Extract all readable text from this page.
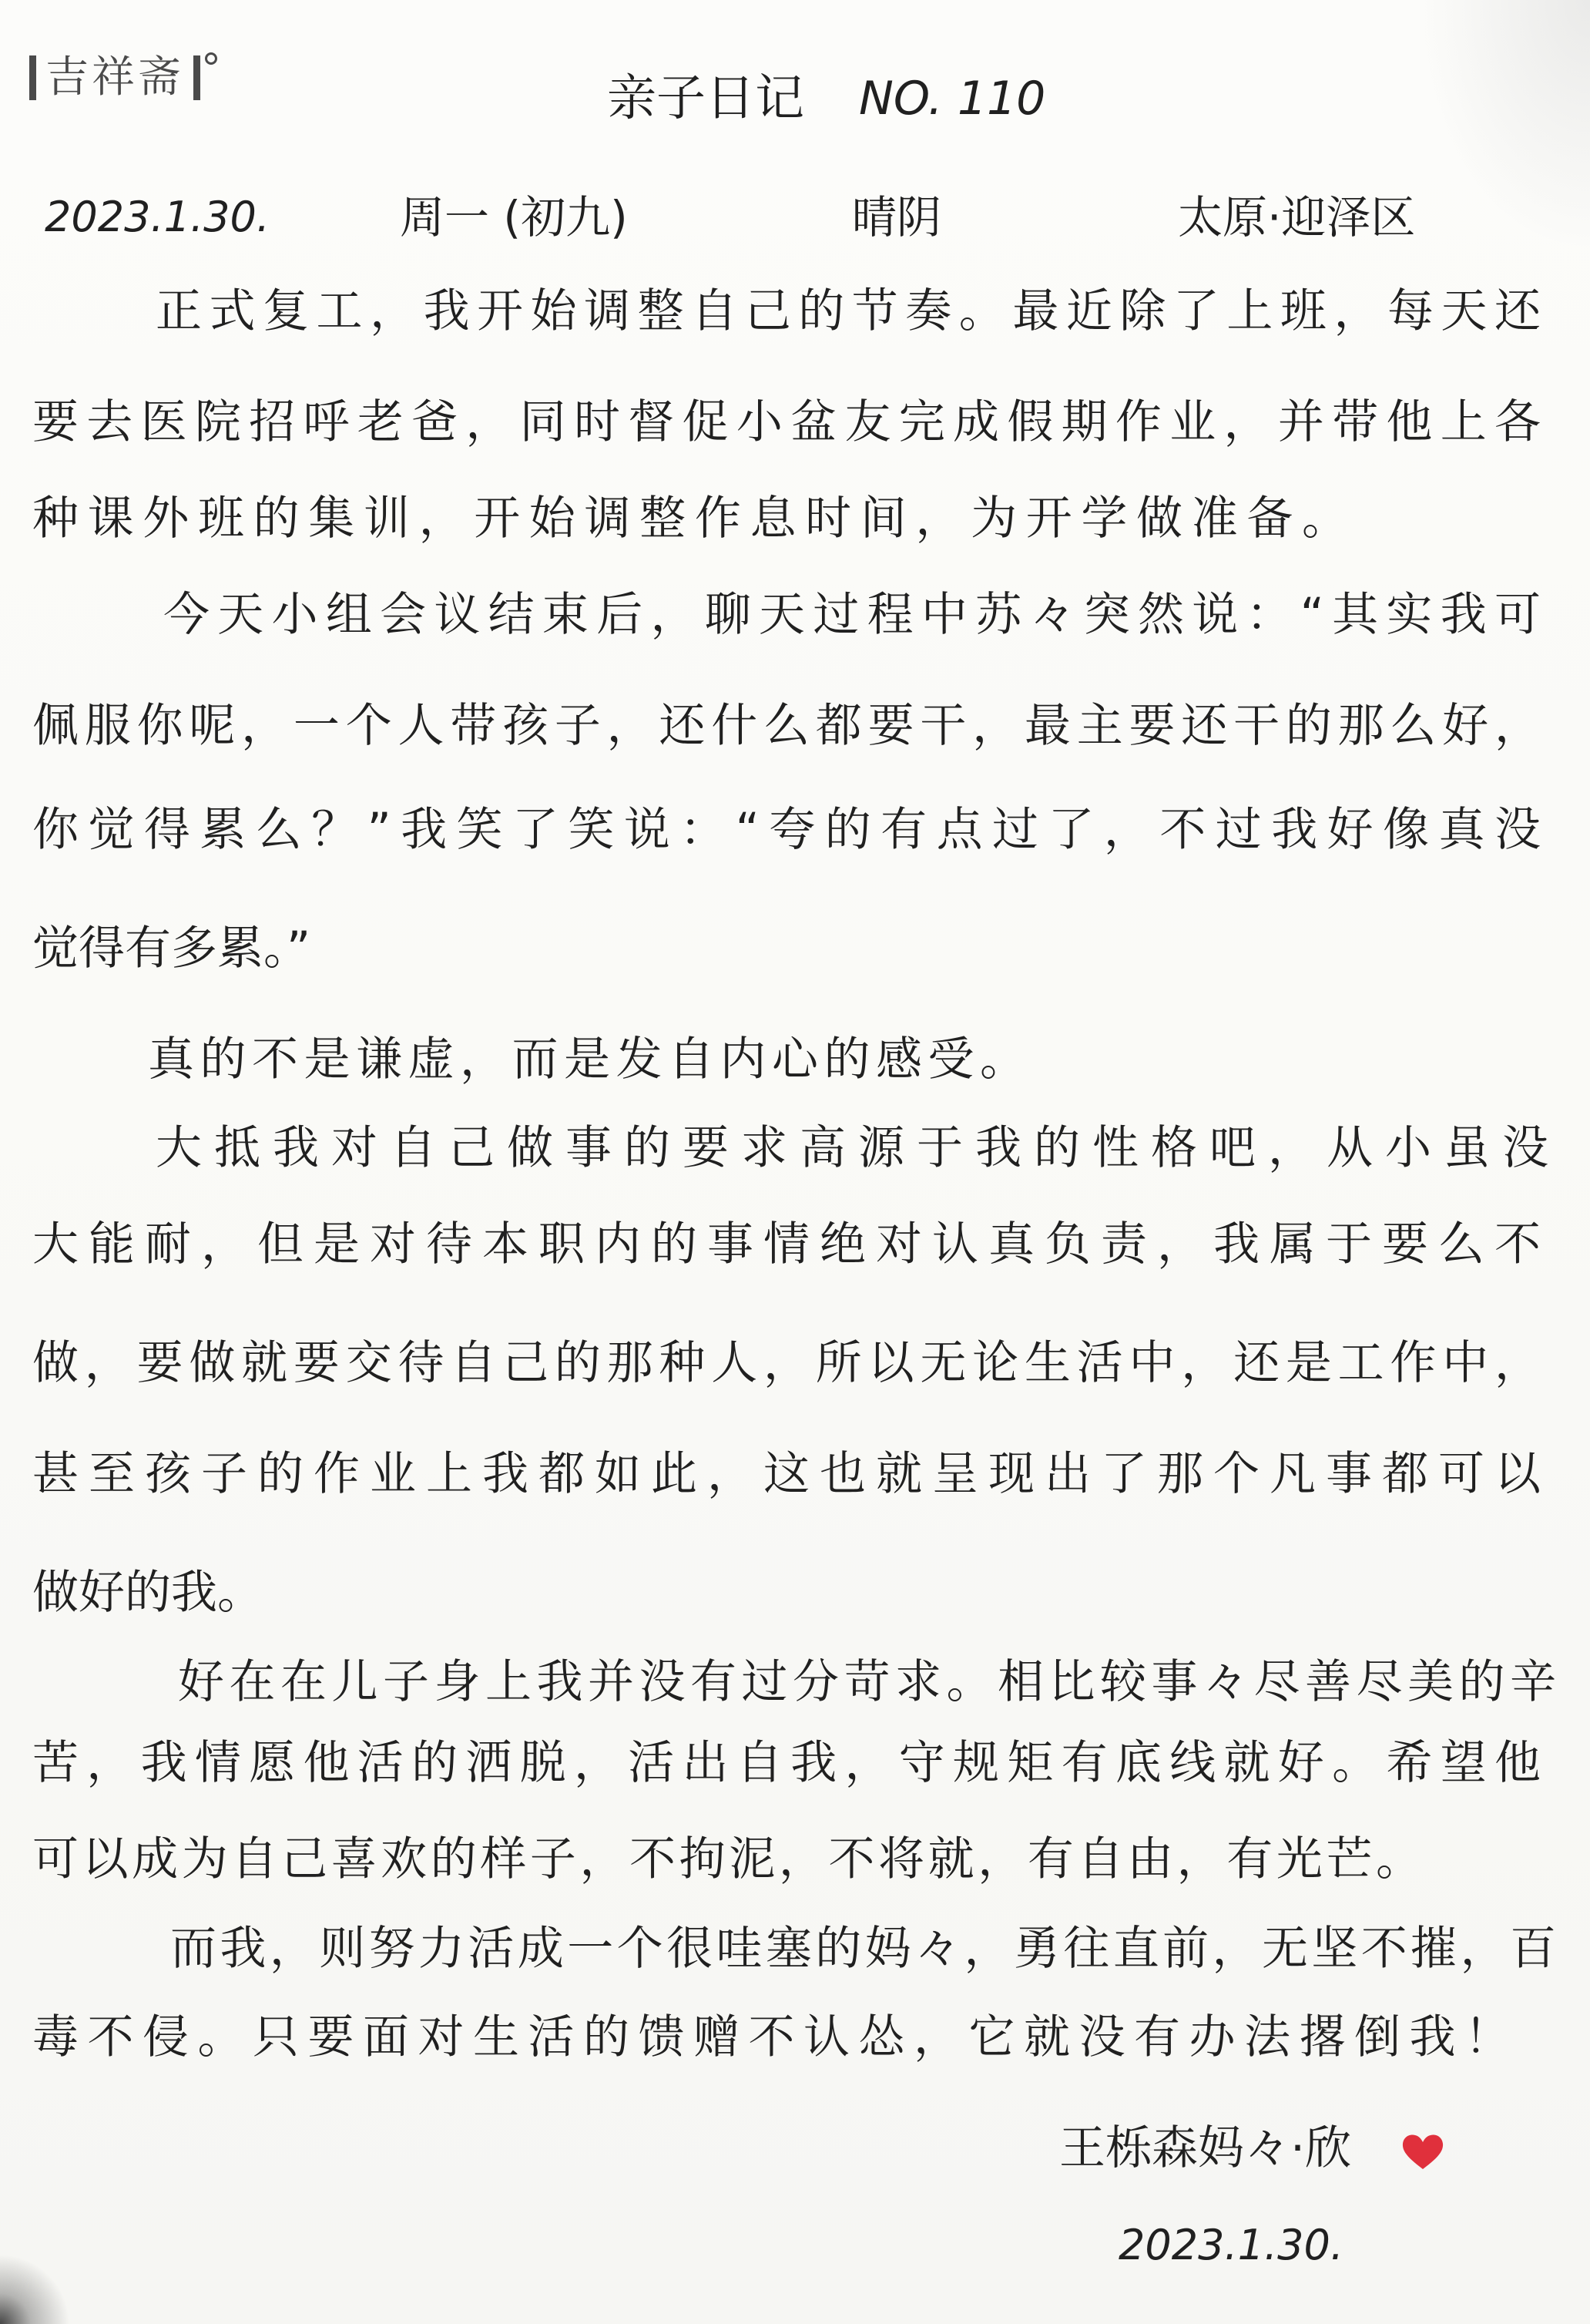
吉祥斋	亲子日记 NO. 110
2023.1.30.	周一 (初九)	晴阴	太原·迎泽区
正式复工，我开始调整自己的节奏。最近除了上班，每天还
要去医院招呼老爸，同时督促小盆友完成假期作业，并带他上各
种课外班的集训，开始调整作息时间，为开学做准备。
今天小组会议结束后，聊天过程中苏々突然说：“其实我可
佩服你呢，一个人带孩子，还什么都要干，最主要还干的那么好，
你觉得累么？”我笑了笑说：“夸的有点过了，不过我好像真没
觉得有多累。”
真的不是谦虚，而是发自内心的感受。
大抵我对自己做事的要求高源于我的性格吧，从小虽没
大能耐，但是对待本职内的事情绝对认真负责，我属于要么不
做，要做就要交待自己的那种人，所以无论生活中，还是工作中，
甚至孩子的作业上我都如此，这也就呈现出了那个凡事都可以
做好的我。
好在在儿子身上我并没有过分苛求。相比较事々尽善尽美的辛
苦，我情愿他活的洒脱，活出自我，守规矩有底线就好。希望他
可以成为自己喜欢的样子，不拘泥，不将就，有自由，有光芒。
而我，则努力活成一个很哇塞的妈々，勇往直前，无坚不摧，百
毒不侵。只要面对生活的馈赠不认怂，它就没有办法撂倒我！
王栎森妈々·欣
2023.1.30.
